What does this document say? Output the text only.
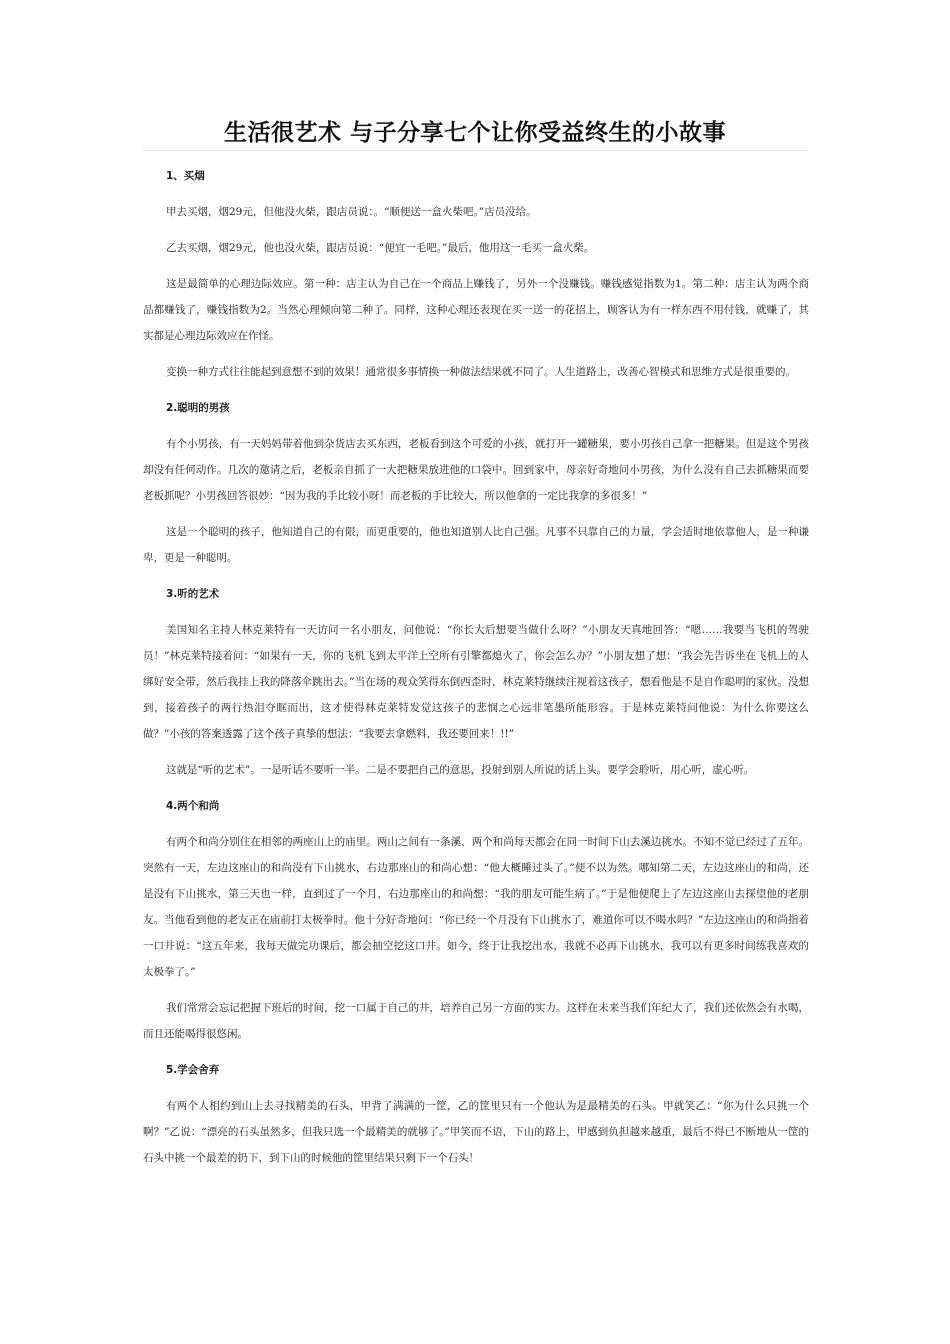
生活很艺术 与子分享七个让你受益终生的小故事
1、买烟

甲去买烟，烟29元，但他没火柴，跟店员说：。“顺便送一盒火柴吧。”店员没给。

乙去买烟，烟29元，他也没火柴，跟店员说：“便宜一毛吧。”最后，他用这一毛买一盒火柴。

这是最简单的心理边际效应。第一种：店主认为自己在一个商品上赚钱了，另外一个没赚钱。赚钱感觉指数为1。第二种：店主认为两个商品都赚钱了，赚钱指数为2。当然心理倾向第二种了。同样，这种心理还表现在买一送一的花招上，顾客认为有一样东西不用付钱，就赚了，其实都是心理边际效应在作怪。

变换一种方式往往能起到意想不到的效果！通常很多事情换一种做法结果就不同了。人生道路上，改善心智模式和思维方式是很重要的。

2.聪明的男孩

有个小男孩，有一天妈妈带着他到杂货店去买东西，老板看到这个可爱的小孩，就打开一罐糖果，要小男孩自己拿一把糖果。但是这个男孩却没有任何动作。几次的邀请之后，老板亲自抓了一大把糖果放进他的口袋中。回到家中，母亲好奇地问小男孩，为什么没有自己去抓糖果而要老板抓呢？小男孩回答很妙：“因为我的手比较小呀！而老板的手比较大，所以他拿的一定比我拿的多很多！”

这是一个聪明的孩子，他知道自己的有限，而更重要的，他也知道别人比自己强。凡事不只靠自己的力量，学会适时地依靠他人，是一种谦卑，更是一种聪明。

3.听的艺术

美国知名主持人林克莱特有一天访问一名小朋友，问他说：“你长大后想要当做什么呀？”小朋友天真地回答：“嗯……我要当飞机的驾驶员！”林克莱特接着问：“如果有一天，你的飞机飞到太平洋上空所有引擎都熄火了，你会怎么办？”小朋友想了想：“我会先告诉坐在飞机上的人绑好安全带，然后我挂上我的降落伞跳出去。”当在场的观众笑得东倒西歪时，林克莱特继续注视着这孩子，想看他是不是自作聪明的家伙。没想到，接着孩子的两行热泪夺眶而出，这才使得林克莱特发觉这孩子的悲悯之心远非笔墨所能形容。于是林克莱特问他说：为什么你要这么做？”小孩的答案透露了这个孩子真挚的想法：“我要去拿燃料，我还要回来！!!”

这就是“听的艺术”。一是听话不要听一半。二是不要把自己的意思，投射到别人所说的话上头。要学会聆听，用心听，虚心听。

4.两个和尚

有两个和尚分别住在相邻的两座山上的庙里。两山之间有一条溪，两个和尚每天都会在同一时间下山去溪边挑水。不知不觉已经过了五年。突然有一天，左边这座山的和尚没有下山挑水，右边那座山的和尚心想：“他大概睡过头了。”便不以为然。哪知第二天，左边这座山的和尚，还是没有下山挑水，第三天也一样，直到过了一个月，右边那座山的和尚想：“我的朋友可能生病了。”于是他便爬上了左边这座山去探望他的老朋友。当他看到他的老友正在庙前打太极拳时。他十分好奇地问：“你已经一个月没有下山挑水了，难道你可以不喝水吗？”左边这座山的和尚指着一口井说：“这五年来，我每天做完功课后，都会抽空挖这口井。如今，终于让我挖出水，我就不必再下山挑水，我可以有更多时间练我喜欢的太极拳了。”

我们常常会忘记把握下班后的时间，挖一口属于自己的井，培养自己另一方面的实力。这样在未来当我们年纪大了，我们还依然会有水喝，而且还能喝得很悠闲。

5.学会舍弃

有两个人相约到山上去寻找精美的石头，甲背了满满的一筐，乙的筐里只有一个他认为是最精美的石头。甲就笑乙：“你为什么只挑一个啊？”乙说：“漂亮的石头虽然多，但我只选一个最精美的就够了。”甲笑而不语，下山的路上，甲感到负担越来越重，最后不得已不断地从一筐的石头中挑一个最差的扔下，到下山的时候他的筐里结果只剩下一个石头！
